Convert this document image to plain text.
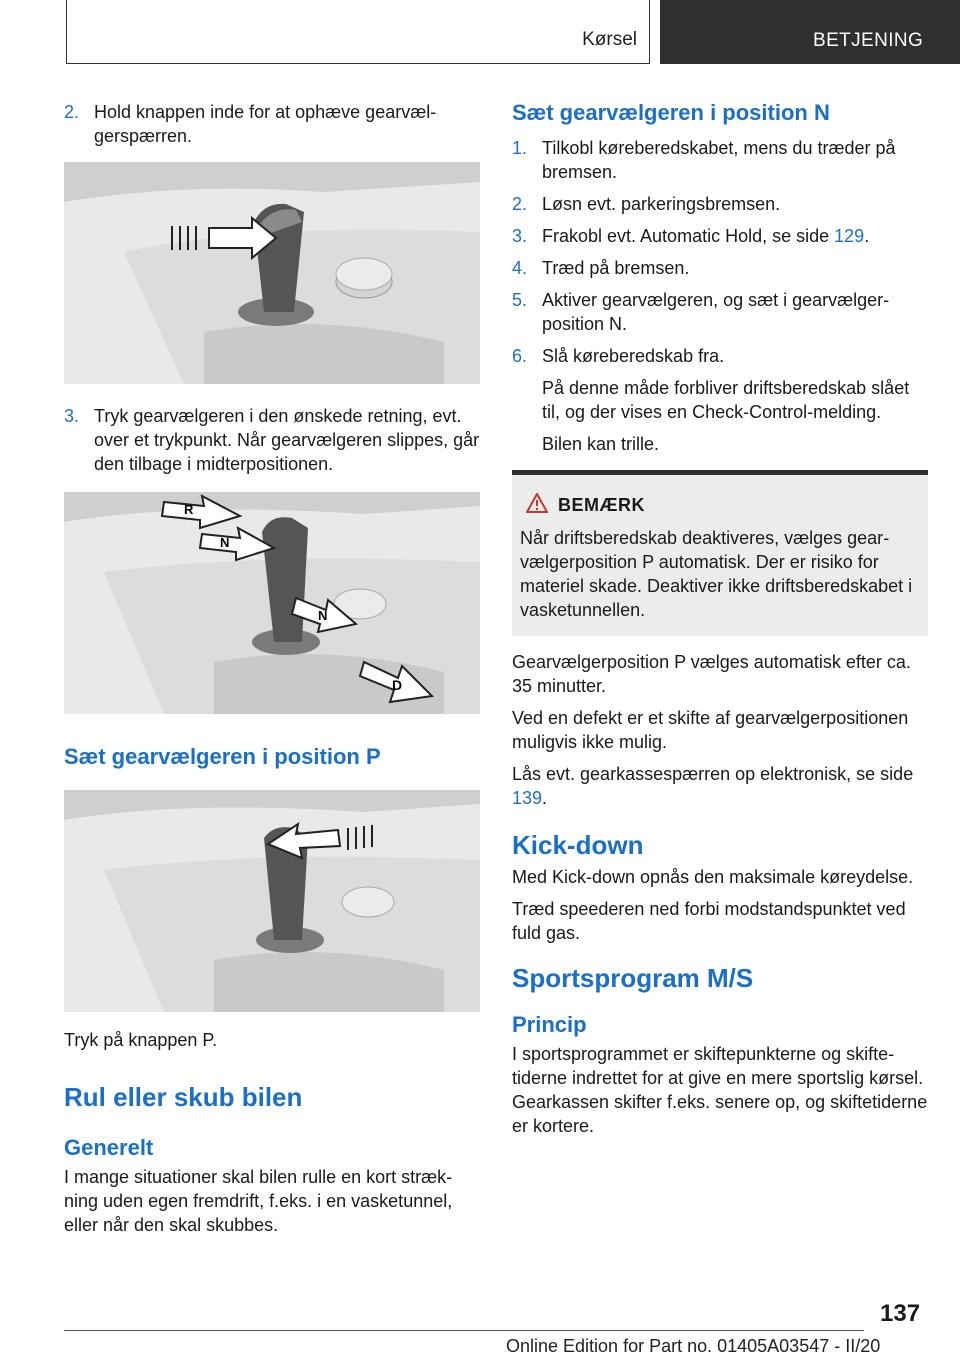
Kørsel	BETJENING
2. Hold knappen inde for at ophæve gearvælgerspærren.
3. Tryk gearvælgeren i den ønskede retning, evt. over et trykpunkt. Når gearvælgeren slippes, går den tilbage i midterpositionen.
R
N
N
D
Sæt gearvælgeren i position P
Tryk på knappen P.
Rul eller skub bilen
Generelt
I mange situationer skal bilen rulle en kort strækning uden egen fremdrift, f.eks. i en vasketunnel, eller når den skal skubbes.
Sæt gearvælgeren i position N
1. Tilkobl køreberedskabet, mens du træder på bremsen.
2. Løsn evt. parkeringsbremsen.
3. Frakobl evt. Automatic Hold, se side 129.
4. Træd på bremsen.
5. Aktiver gearvælgeren, og sæt i gearvælgerposition N.
6. Slå køreberedskab fra.
På denne måde forbliver driftsberedskab slået til, og der vises en Check-Control-melding.
Bilen kan trille.
BEMÆRK
Når driftsberedskab deaktiveres, vælges gearvælgerposition P automatisk. Der er risiko for materiel skade. Deaktiver ikke driftsberedskabet i vasketunnellen.
Gearvælgerposition P vælges automatisk efter ca. 35 minutter.
Ved en defekt er et skifte af gearvælgerpositionen muligvis ikke mulig.
Lås evt. gearkassespærren op elektronisk, se side 139.
Kick-down
Med Kick-down opnås den maksimale køreydelse.
Træd speederen ned forbi modstandspunktet ved fuld gas.
Sportsprogram M/S
Princip
I sportsprogrammet er skiftepunkterne og skiftetiderne indrettet for at give en mere sportslig kørsel. Gearkassen skifter f.eks. senere op, og skiftetiderne er kortere.
137
Online Edition for Part no. 01405A03547 - II/20
